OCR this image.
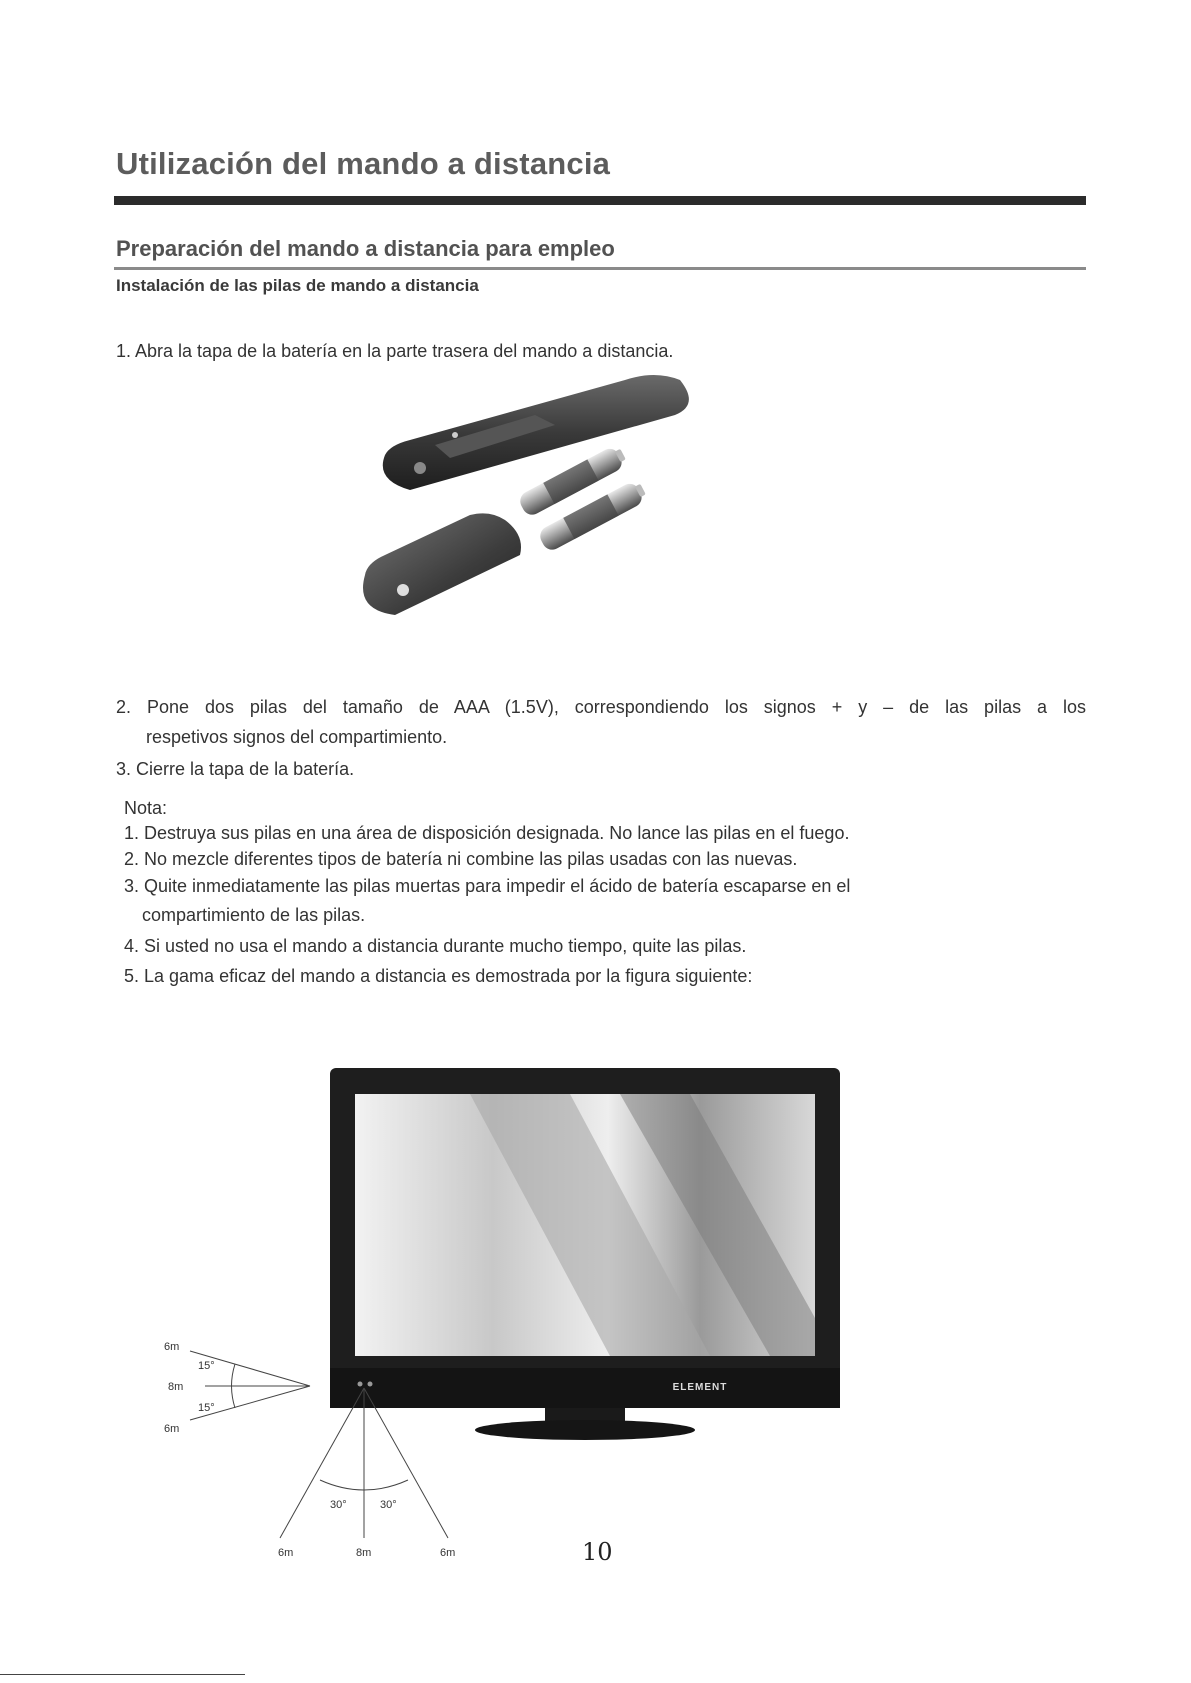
Utilización del mando a distancia
Preparación del mando a distancia para empleo
Instalación de las pilas de mando a distancia
1. Abra la tapa de la batería en la parte trasera del mando a distancia.
2. Pone dos pilas del tamaño de AAA (1.5V), correspondiendo los signos + y – de las pilas a los
respetivos signos del compartimiento.
3. Cierre la tapa de la batería.
Nota:
1. Destruya sus pilas en una área de disposición designada. No lance las pilas en el fuego.
2. No mezcle diferentes tipos de batería ni combine las pilas usadas con las nuevas.
3. Quite inmediatamente las pilas muertas para impedir el ácido de batería escaparse en el
compartimiento de las pilas.
4. Si usted no usa el mando a distancia durante mucho tiempo, quite las pilas.
5. La gama eficaz del mando a distancia es demostrada por la figura siguiente:
ELEMENT
6m
15°
8m
15°
6m
30°	30°
6m	8m	6m	10
